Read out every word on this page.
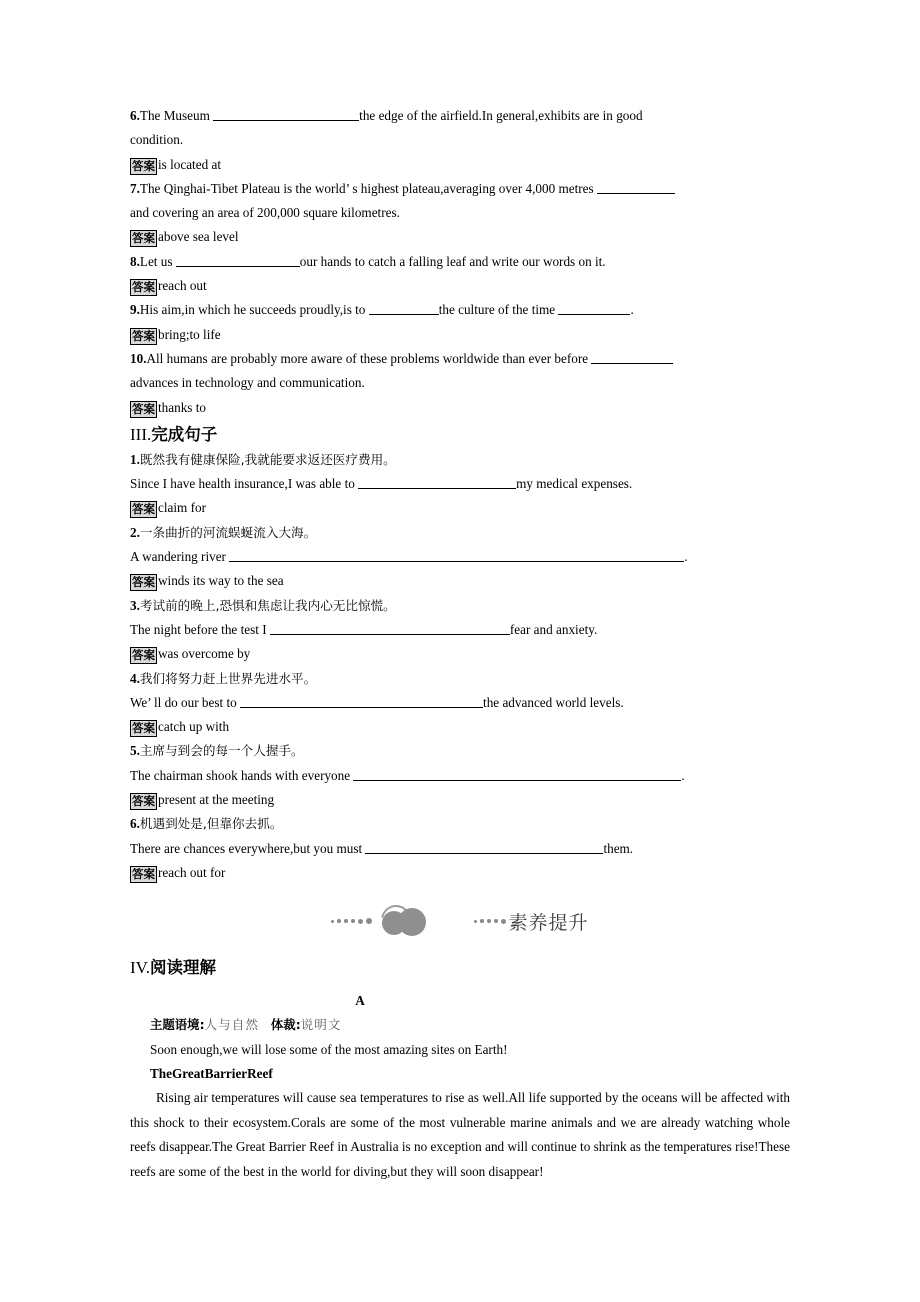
6.The Museum	the edge of the airfield.In general,exhibits are in good
condition.
答案 is located at
7.The Qinghai-Tibet Plateau is the world’ s highest plateau,averaging over 4,000 metres
and covering an area of 200,000 square kilometres.
答案 above sea level
8.Let us	our hands to catch a falling leaf and write our words on it.
答案 reach out
9.His aim,in which he succeeds proudly,is to	the culture of the time	.
答案 bring;to life
10.All humans are probably more aware of these problems worldwide than ever before
advances in technology and communication.
答案 thanks to
III.完成句子
1.既然我有健康保险,我就能要求返还医疗费用。
Since I have health insurance,I was able to	my medical expenses.
答案 claim for
2.一条曲折的河流蜈蜒流入大海。
A wandering river	.
答案 winds its way to the sea
3.考试前的晚上,恐惧和焦虑让我内心无比惊慌。
The night before the test I	fear and anxiety.
答案 was overcome by
4.我们将努力赶上世界先进水平。
We’ ll do our best to	the advanced world levels.
答案 catch up with
5.主席与到会的每一个人握手。
The chairman shook hands with everyone	.
答案 present at the meeting
6.机遇到处是,但靠你去抓。
There are chances everywhere,but you must	them.
答案 reach out for
素养提升
IV.阅读理解
A
主题语境:人与自然 体裁:说明文
Soon enough,we will lose some of the most amazing sites on Earth!
TheGreatBarrierReef
Rising air temperatures will cause sea temperatures to rise as well.All life supported by the oceans will be affected with this shock to their ecosystem.Corals are some of the most vulnerable marine animals and we are already watching whole reefs disappear.The Great Barrier Reef in Australia is no exception and will continue to shrink as the temperatures rise!These reefs are some of the best in the world for diving,but they will soon disappear!
